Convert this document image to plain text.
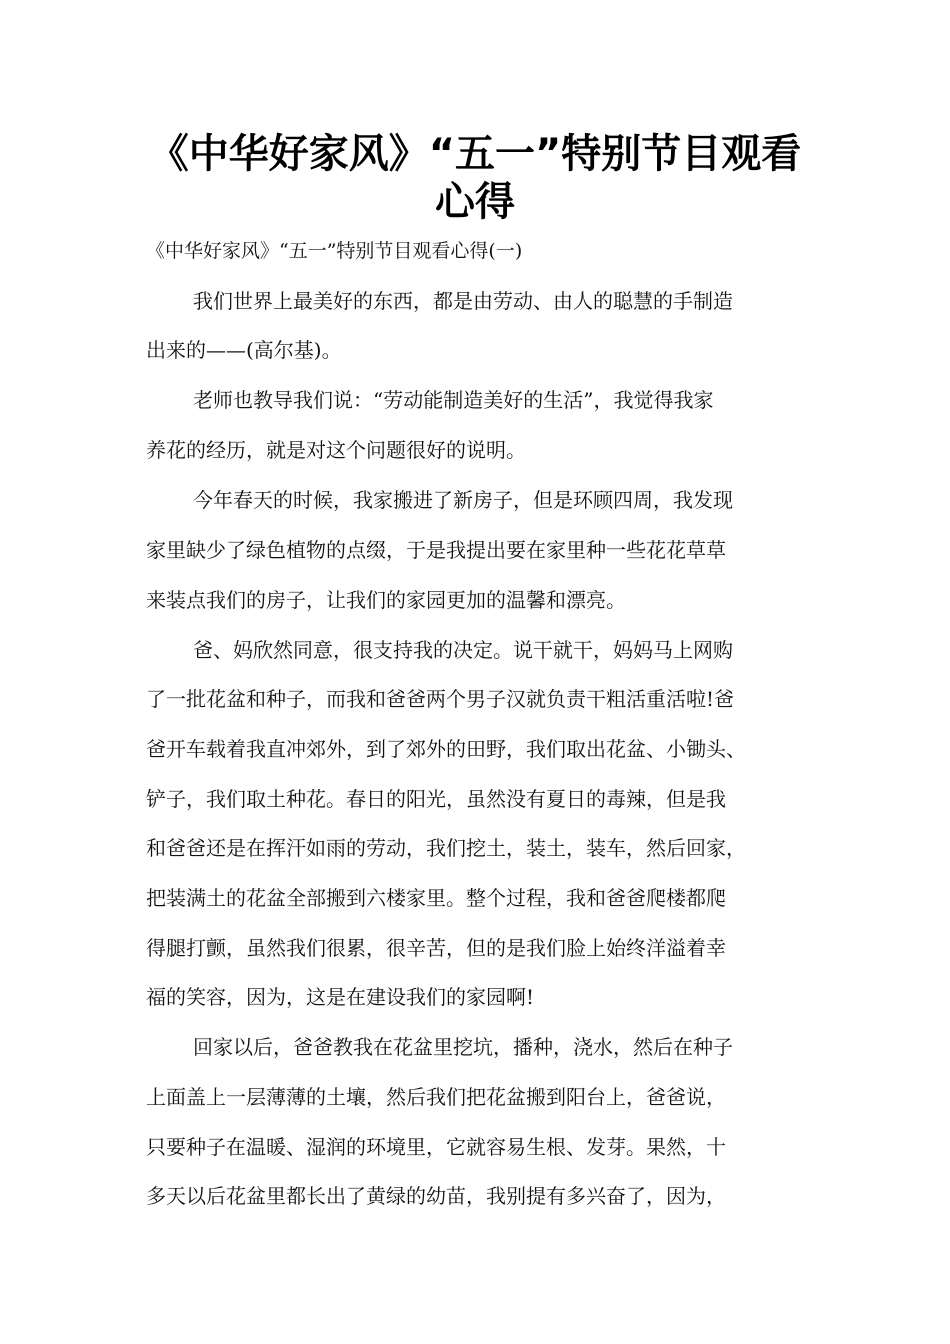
《中华好家风》“五一”特别节目观看
心得

《中华好家风》“五一”特别节目观看心得(一)

我们世界上最美好的东西，都是由劳动、由人的聪慧的手制造

出来的——(高尔基)。

老师也教导我们说：“劳动能制造美好的生活”，我觉得我家

养花的经历，就是对这个问题很好的说明。

今年春天的时候，我家搬进了新房子，但是环顾四周，我发现

家里缺少了绿色植物的点缀，于是我提出要在家里种一些花花草草

来装点我们的房子，让我们的家园更加的温馨和漂亮。

爸、妈欣然同意，很支持我的决定。说干就干，妈妈马上网购

了一批花盆和种子，而我和爸爸两个男子汉就负责干粗活重活啦!爸

爸开车载着我直冲郊外，到了郊外的田野，我们取出花盆、小锄头、

铲子，我们取土种花。春日的阳光，虽然没有夏日的毒辣，但是我

和爸爸还是在挥汗如雨的劳动，我们挖土，装土，装车，然后回家，

把装满土的花盆全部搬到六楼家里。整个过程，我和爸爸爬楼都爬

得腿打颤，虽然我们很累，很辛苦，但的是我们脸上始终洋溢着幸

福的笑容，因为，这是在建设我们的家园啊!

回家以后，爸爸教我在花盆里挖坑，播种，浇水，然后在种子

上面盖上一层薄薄的土壤，然后我们把花盆搬到阳台上，爸爸说，

只要种子在温暖、湿润的环境里，它就容易生根、发芽。果然，十

多天以后花盆里都长出了黄绿的幼苗，我别提有多兴奋了，因为，
